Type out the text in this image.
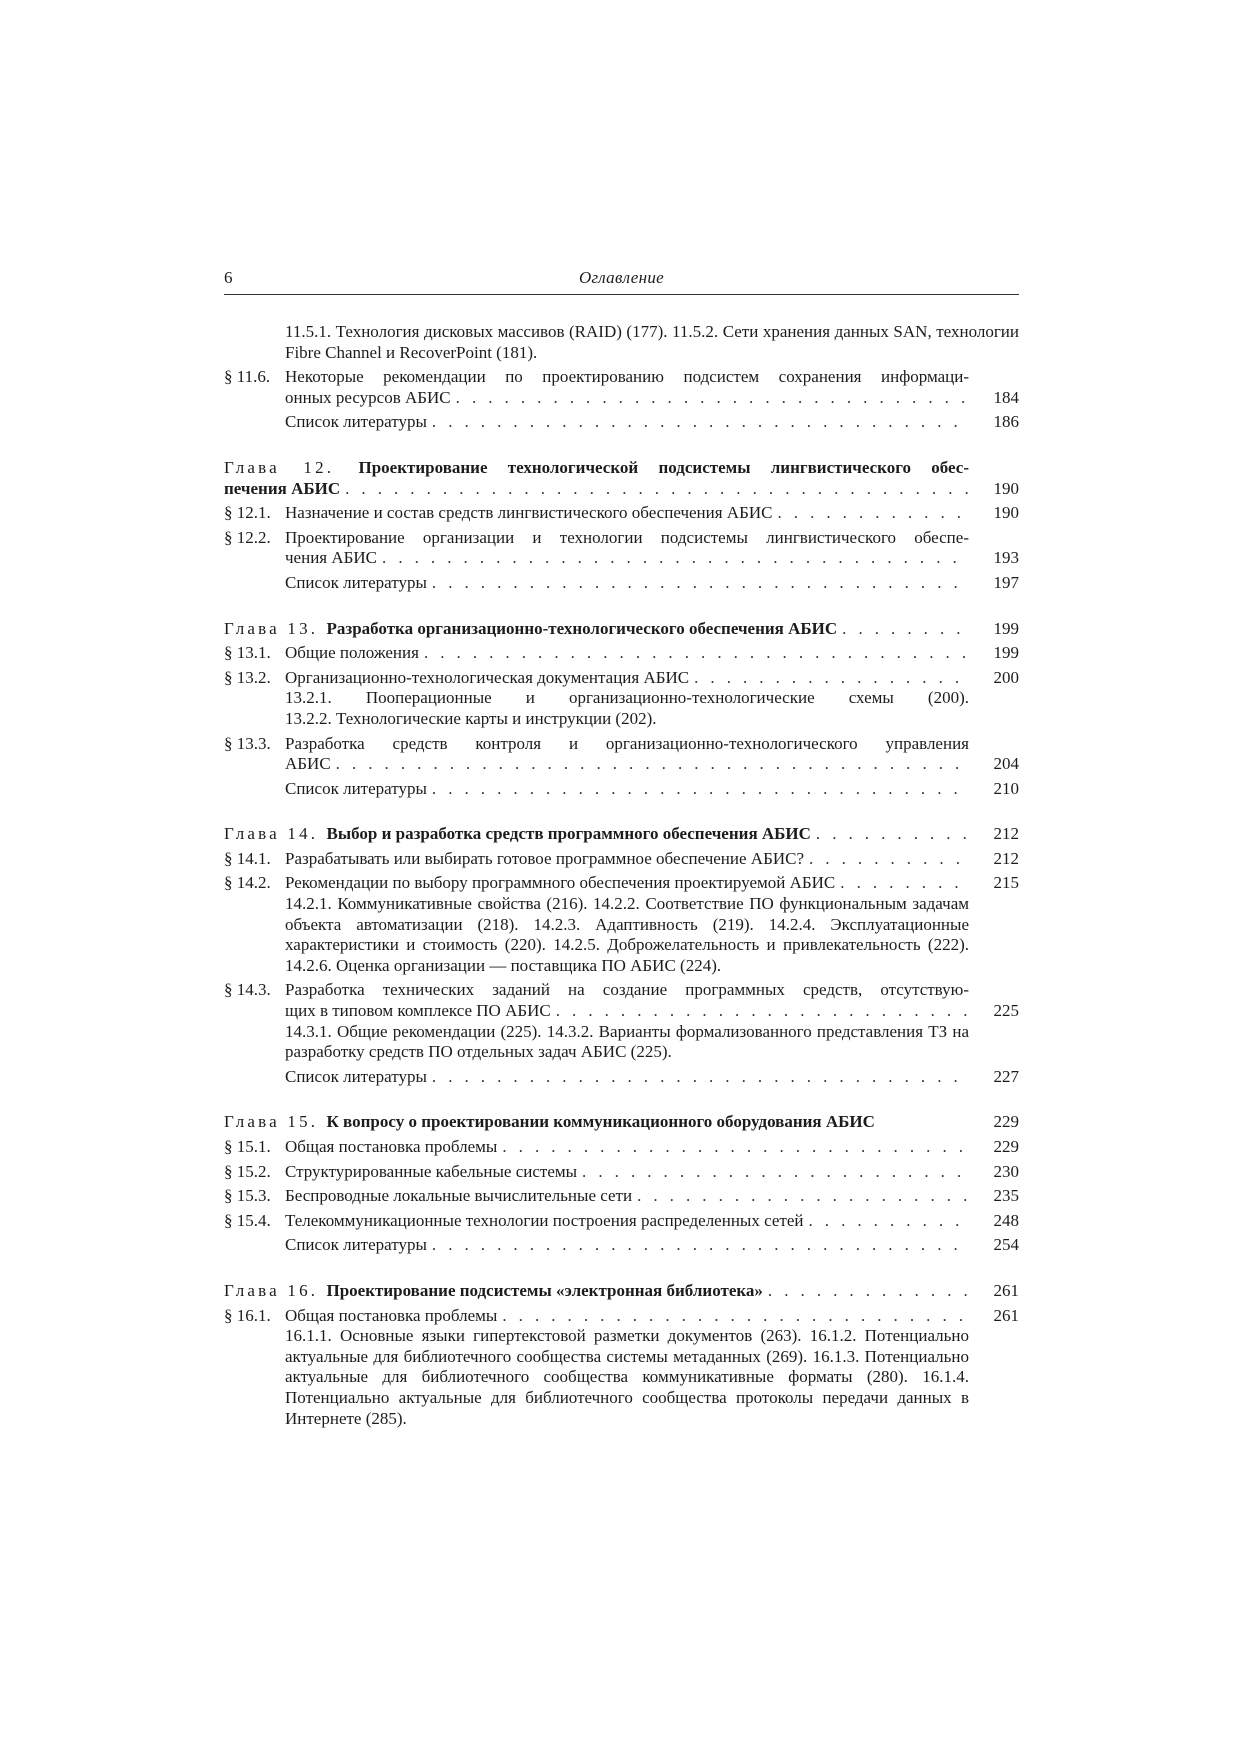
6	Оглавление
11.5.1. Технология дисковых массивов (RAID) (177). 11.5.2. Сети хранения данных SAN, технологии Fibre Channel и RecoverPoint (181).
§ 11.6. Некоторые рекомендации по проектированию подсистем сохранения информаци-
онных ресурсов АБИС . . .	184
Список литературы . . .	186
Глава 12. Проектирование технологической подсистемы лингвистического обес-
печения АБИС . . .	190
§ 12.1. Назначение и состав средств лингвистического обеспечения АБИС . . .	190
§ 12.2. Проектирование организации и технологии подсистемы лингвистического обеспе-
чения АБИС . . .	193
Список литературы . . .	197
Глава 13. Разработка организационно-технологического обеспечения АБИС . . .	199
§ 13.1. Общие положения . . .	199
§ 13.2. Организационно-технологическая документация АБИС . . .	200
13.2.1. Пооперационные и организационно-технологические схемы (200).
13.2.2. Технологические карты и инструкции (202).
§ 13.3. Разработка средств контроля и организационно-технологического управления
АБИС . . .	204
Список литературы . . .	210
Глава 14. Выбор и разработка средств программного обеспечения АБИС . . .	212
§ 14.1. Разрабатывать или выбирать готовое программное обеспечение АБИС? . . .	212
§ 14.2. Рекомендации по выбору программного обеспечения проектируемой АБИС . . .	215
14.2.1. Коммуникативные свойства (216). 14.2.2. Соответствие ПО функциональным задачам объекта автоматизации (218). 14.2.3. Адаптивность (219). 14.2.4. Эксплуатационные характеристики и стоимость (220). 14.2.5. Доброжелательность и привлекательность (222). 14.2.6. Оценка организации — поставщика ПО АБИС (224).
§ 14.3. Разработка технических заданий на создание программных средств, отсутствую-
щих в типовом комплексе ПО АБИС . . .	225
14.3.1. Общие рекомендации (225). 14.3.2. Варианты формализованного представления ТЗ на разработку средств ПО отдельных задач АБИС (225).
Список литературы . . .	227
Глава 15. К вопросу о проектировании коммуникационного оборудования АБИС	229
§ 15.1. Общая постановка проблемы . . .	229
§ 15.2. Структурированные кабельные системы . . .	230
§ 15.3. Беспроводные локальные вычислительные сети . . .	235
§ 15.4. Телекоммуникационные технологии построения распределенных сетей . . .	248
Список литературы . . .	254
Глава 16. Проектирование подсистемы «электронная библиотека» . . .	261
§ 16.1. Общая постановка проблемы . . .	261
16.1.1. Основные языки гипертекстовой разметки документов (263). 16.1.2. Потенциально актуальные для библиотечного сообщества системы метаданных (269). 16.1.3. Потенциально актуальные для библиотечного сообщества коммуникативные форматы (280). 16.1.4. Потенциально актуальные для библиотечного сообщества протоколы передачи данных в Интернете (285).
